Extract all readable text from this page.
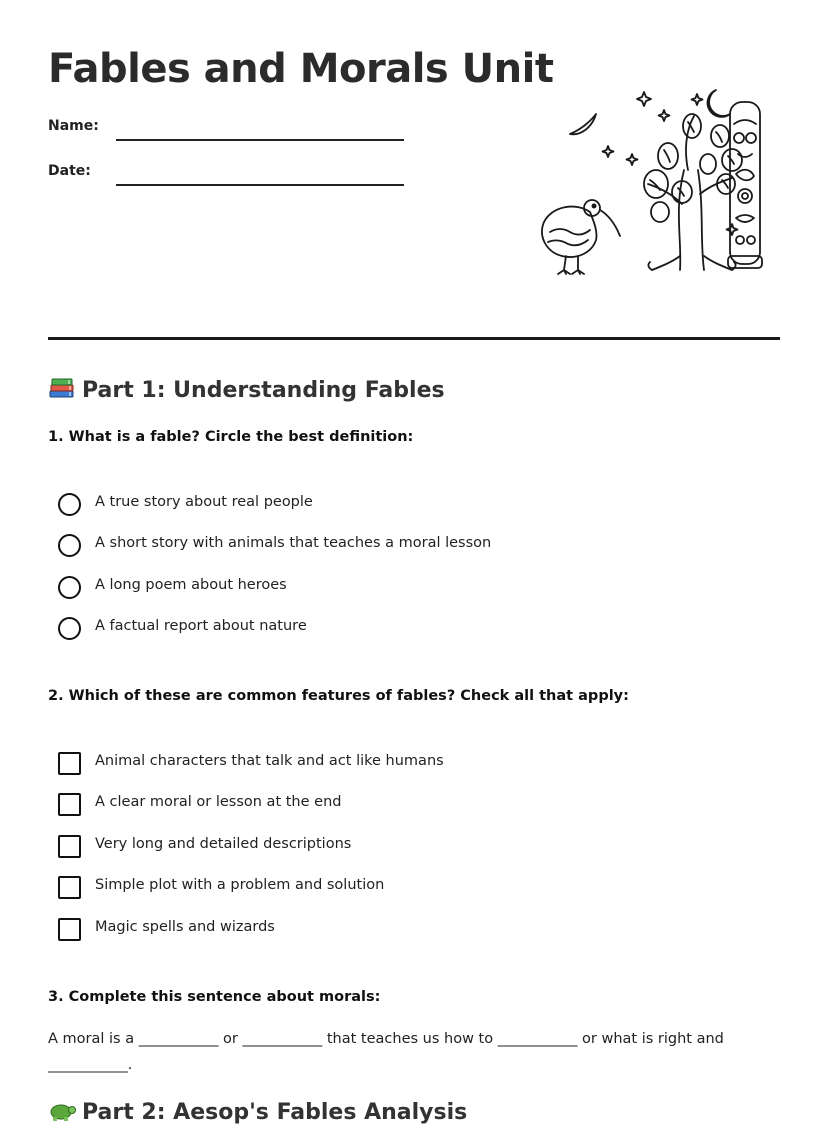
Fables and Morals Unit
Name:
Date:
Part 1: Understanding Fables

1. What is a fable? Circle the best definition:

A true story about real people
A short story with animals that teaches a moral lesson
A long poem about heroes
A factual report about nature

2. Which of these are common features of fables? Check all that apply:

Animal characters that talk and act like humans
A clear moral or lesson at the end
Very long and detailed descriptions
Simple plot with a problem and solution
Magic spells and wizards

3. Complete this sentence about morals:

A moral is a ___________ or ___________ that teaches us how to ___________ or what is right and ___________.

Part 2: Aesop's Fables Analysis
